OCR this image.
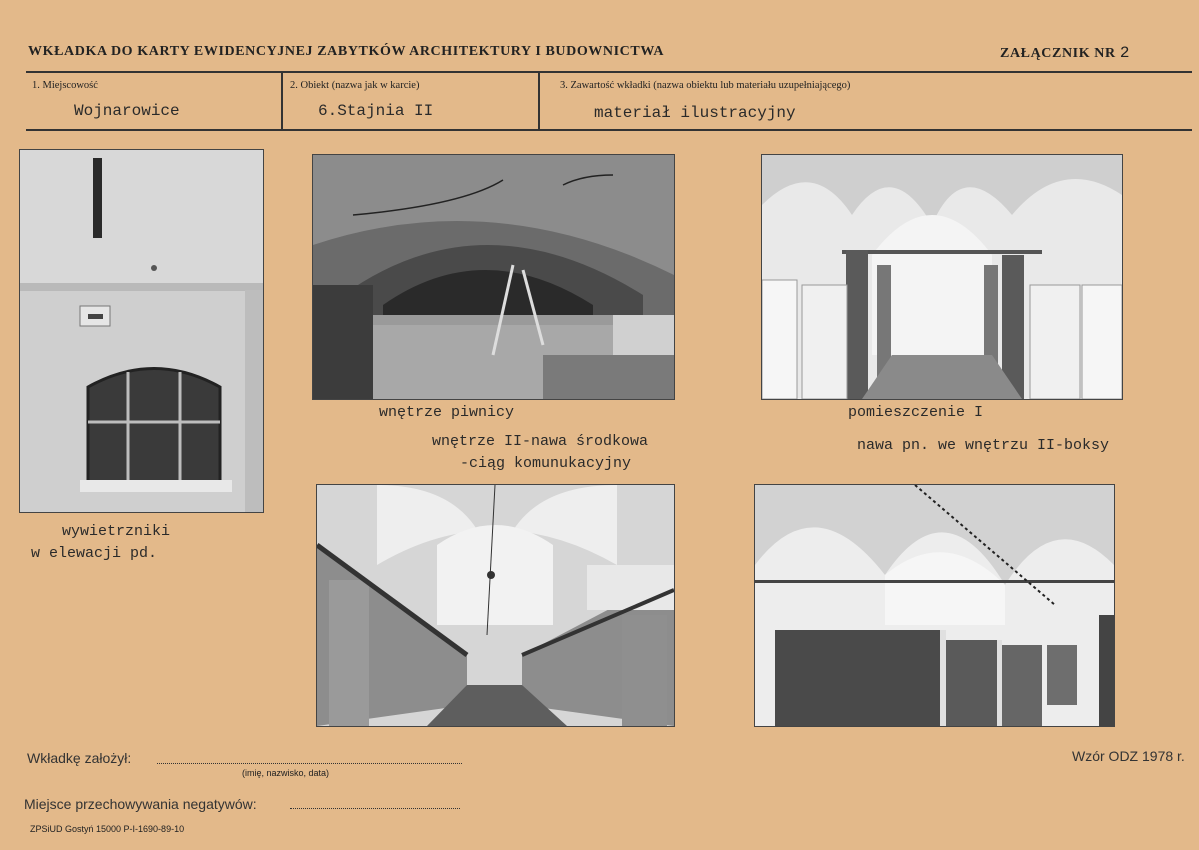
WKŁADKA DO KARTY EWIDENCYJNEJ ZABYTKÓW ARCHITEKTURY I BUDOWNICTWA	ZAŁĄCZNIK NR 2
1. Miejscowość
Wojnarowice
2. Obiekt (nazwa jak w karcie)
6.Stajnia II
3. Zawartość wkładki (nazwa obiektu lub materiału uzupełniającego)
materiał ilustracyjny
wywietrzniki
w elewacji pd.
wnętrze piwnicy	pomieszczenie I
wnętrze II-nawa środkowa
-ciąg komunukacyjny
nawa pn. we wnętrzu II-boksy
Wkładkę założył:
(imię, nazwisko, data)
Wzór ODZ 1978 r.
Miejsce przechowywania negatywów:
ZPSiUD Gostyń 15000 P-I-1690-89-10
